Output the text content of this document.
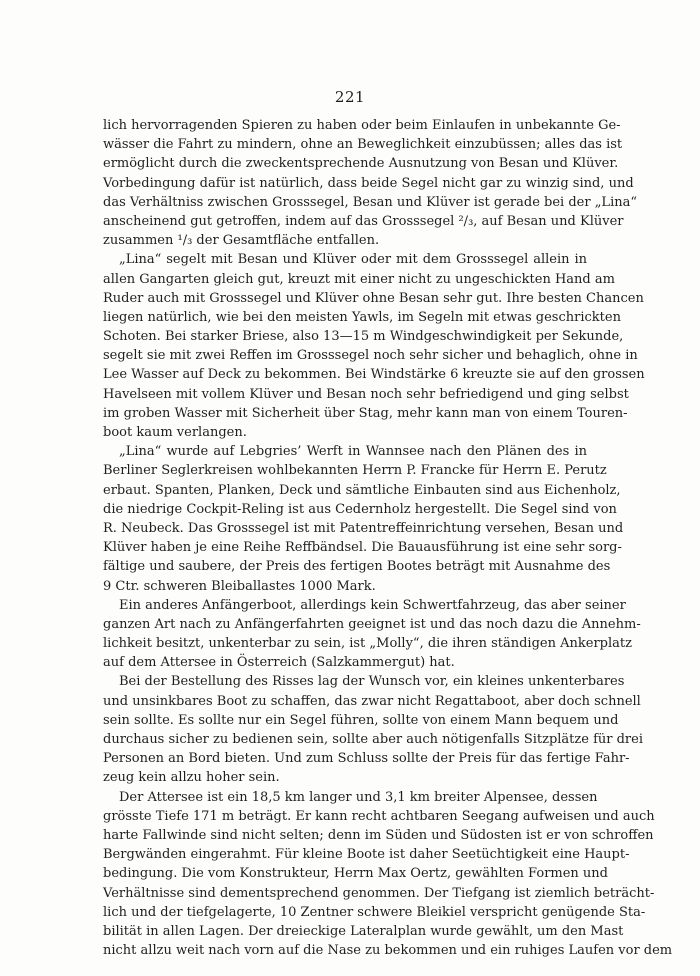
221
lich hervorragenden Spieren zu haben oder beim Einlaufen in unbekannte Ge-
wässer die Fahrt zu mindern, ohne an Beweglichkeit einzubüssen; alles das ist
ermöglicht durch die zweckentsprechende Ausnutzung von Besan und Klüver.
Vorbedingung dafür ist natürlich, dass beide Segel nicht gar zu winzig sind, und
das Verhältniss zwischen Grosssegel, Besan und Klüver ist gerade bei der „Lina“
anscheinend gut getroffen, indem auf das Grosssegel ²/₃, auf Besan und Klüver
zusammen ¹/₃ der Gesamtfläche entfallen.
„Lina“ segelt mit Besan und Klüver oder mit dem Grosssegel allein in
allen Gangarten gleich gut, kreuzt mit einer nicht zu ungeschickten Hand am
Ruder auch mit Grosssegel und Klüver ohne Besan sehr gut. Ihre besten Chancen
liegen natürlich, wie bei den meisten Yawls, im Segeln mit etwas geschrickten
Schoten. Bei starker Briese, also 13—15 m Windgeschwindigkeit per Sekunde,
segelt sie mit zwei Reffen im Grosssegel noch sehr sicher und behaglich, ohne in
Lee Wasser auf Deck zu bekommen. Bei Windstärke 6 kreuzte sie auf den grossen
Havelseen mit vollem Klüver und Besan noch sehr befriedigend und ging selbst
im groben Wasser mit Sicherheit über Stag, mehr kann man von einem Touren-
boot kaum verlangen.
„Lina“ wurde auf Lebgries’ Werft in Wannsee nach den Plänen des in
Berliner Seglerkreisen wohlbekannten Herrn P. Francke für Herrn E. Perutz
erbaut. Spanten, Planken, Deck und sämtliche Einbauten sind aus Eichenholz,
die niedrige Cockpit-Reling ist aus Cedernholz hergestellt. Die Segel sind von
R. Neubeck. Das Grosssegel ist mit Patentreffeinrichtung versehen, Besan und
Klüver haben je eine Reihe Reffbändsel. Die Bauausführung ist eine sehr sorg-
fältige und saubere, der Preis des fertigen Bootes beträgt mit Ausnahme des
9 Ctr. schweren Bleiballastes 1000 Mark.
Ein anderes Anfängerboot, allerdings kein Schwertfahrzeug, das aber seiner
ganzen Art nach zu Anfängerfahrten geeignet ist und das noch dazu die Annehm-
lichkeit besitzt, unkenterbar zu sein, ist „Molly“, die ihren ständigen Ankerplatz
auf dem Attersee in Österreich (Salzkammergut) hat.
Bei der Bestellung des Risses lag der Wunsch vor, ein kleines unkenterbares
und unsinkbares Boot zu schaffen, das zwar nicht Regattaboot, aber doch schnell
sein sollte. Es sollte nur ein Segel führen, sollte von einem Mann bequem und
durchaus sicher zu bedienen sein, sollte aber auch nötigenfalls Sitzplätze für drei
Personen an Bord bieten. Und zum Schluss sollte der Preis für das fertige Fahr-
zeug kein allzu hoher sein.
Der Attersee ist ein 18,5 km langer und 3,1 km breiter Alpensee, dessen
grösste Tiefe 171 m beträgt. Er kann recht achtbaren Seegang aufweisen und auch
harte Fallwinde sind nicht selten; denn im Süden und Südosten ist er von schroffen
Bergwänden eingerahmt. Für kleine Boote ist daher Seetüchtigkeit eine Haupt-
bedingung. Die vom Konstrukteur, Herrn Max Oertz, gewählten Formen und
Verhältnisse sind dementsprechend genommen. Der Tiefgang ist ziemlich beträcht-
lich und der tiefgelagerte, 10 Zentner schwere Bleikiel verspricht genügende Sta-
bilität in allen Lagen. Der dreieckige Lateralplan wurde gewählt, um den Mast
nicht allzu weit nach vorn auf die Nase zu bekommen und ein ruhiges Laufen vor dem
